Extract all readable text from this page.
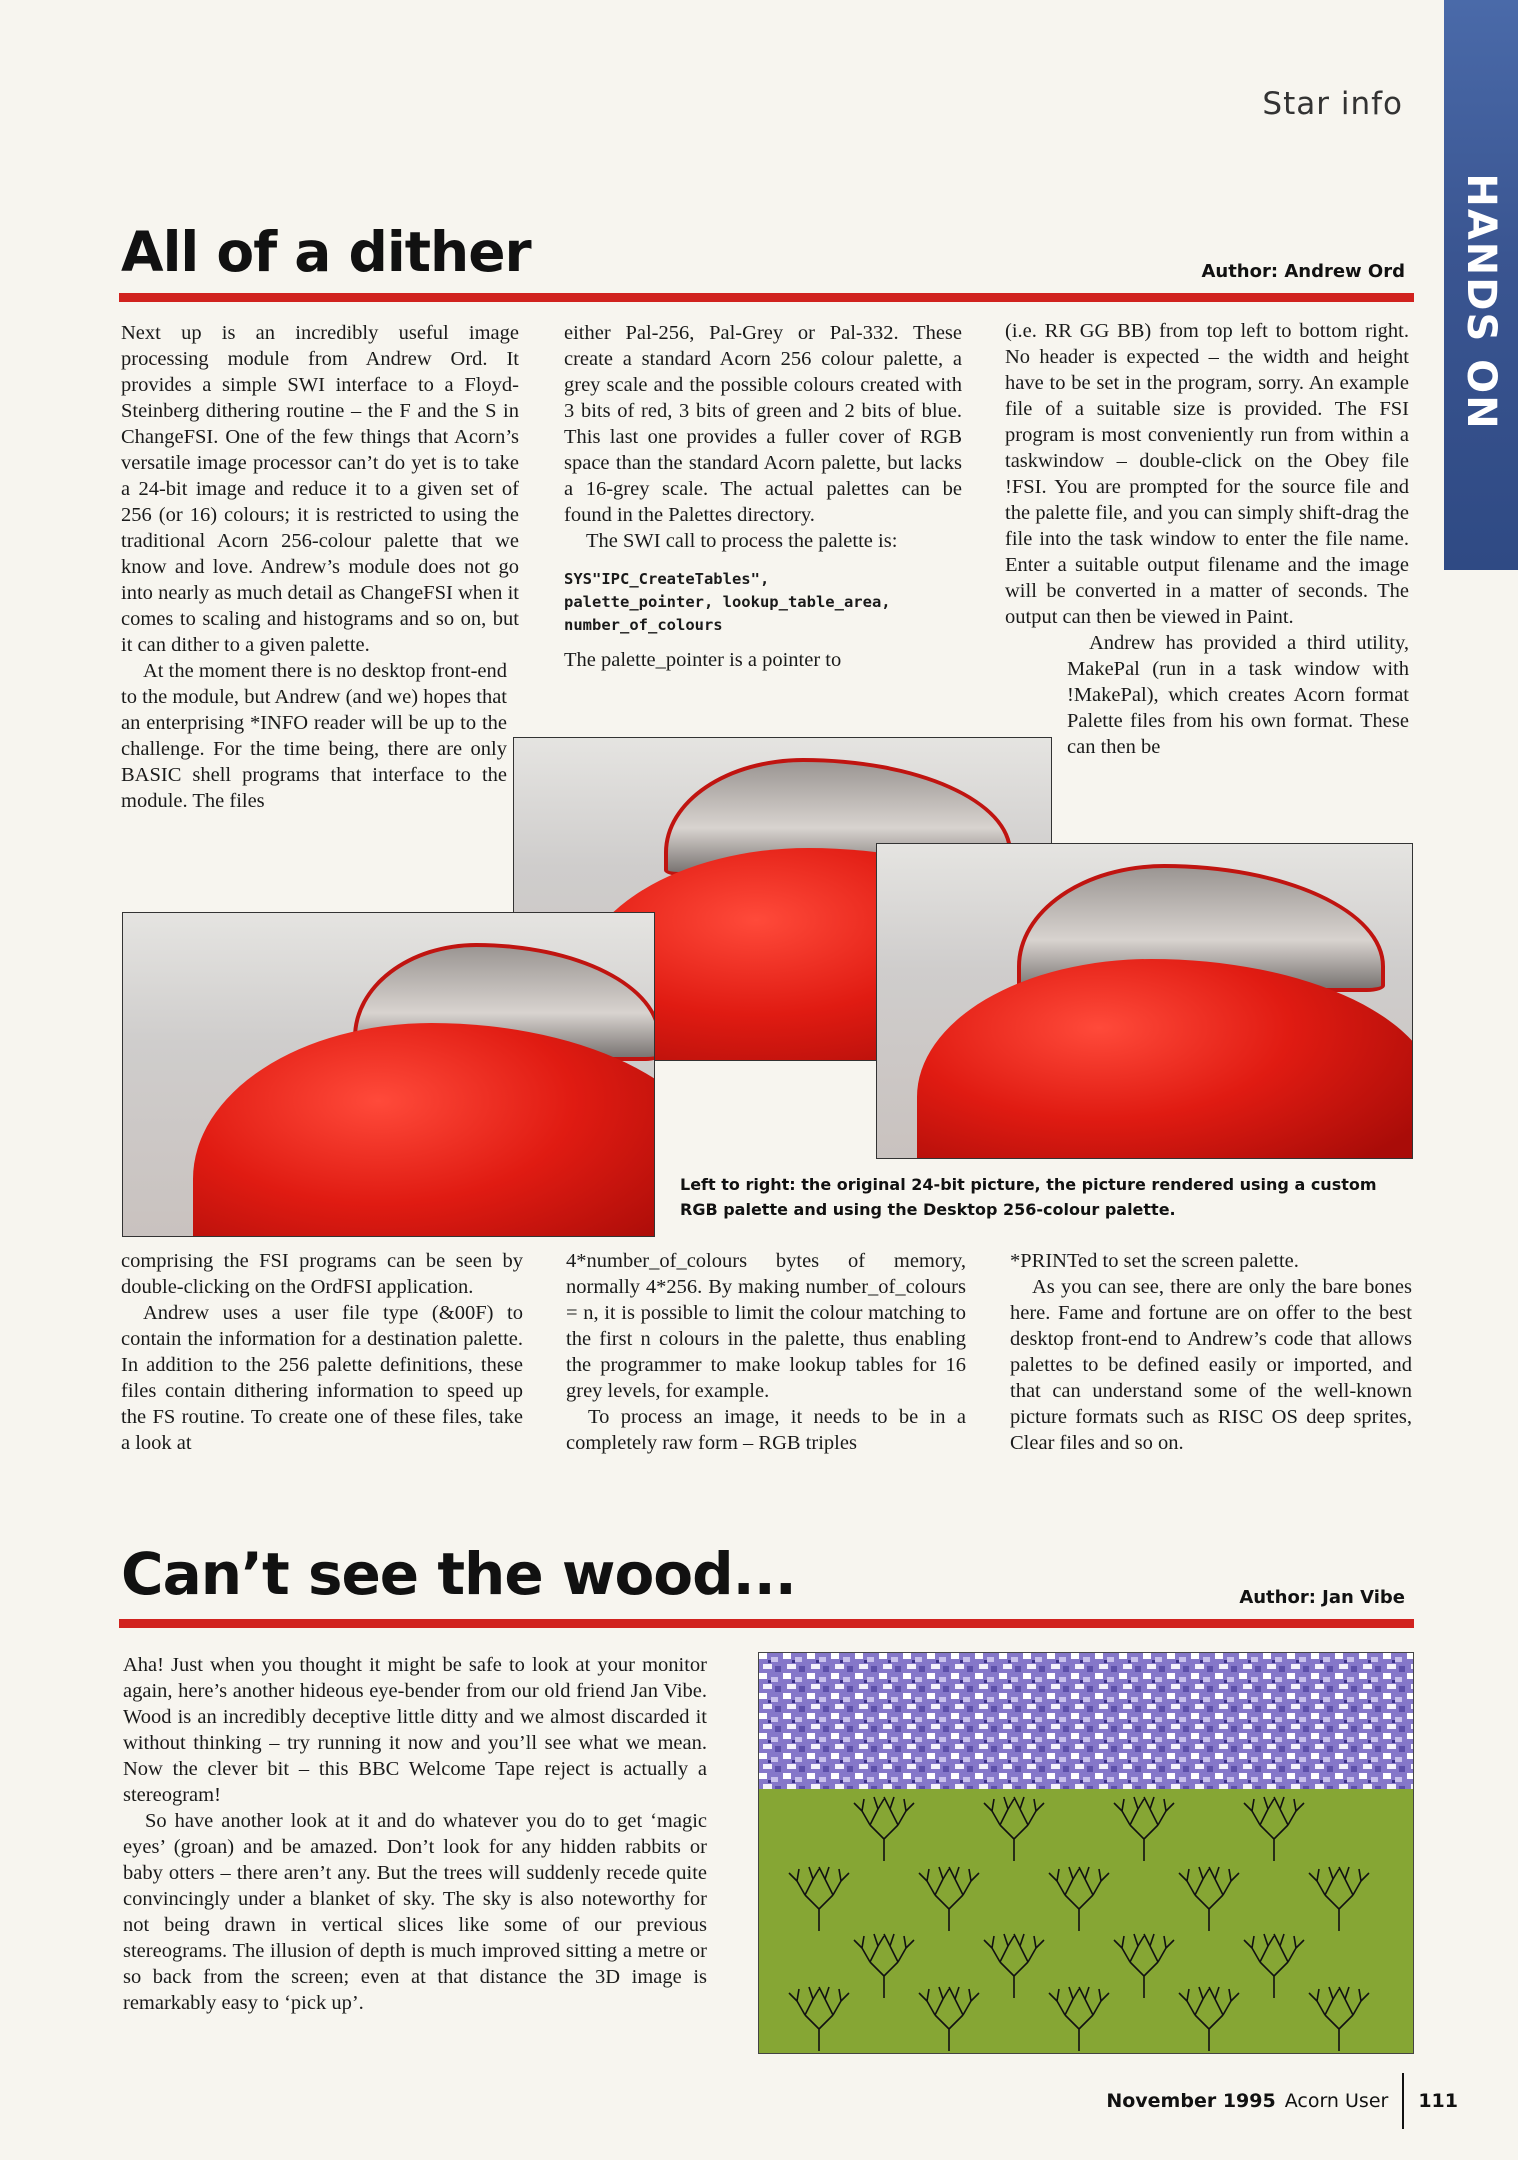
Star info
HANDS ON
All of a dither	Author: Andrew Ord

Next up is an incredibly useful image processing module from Andrew Ord. It provides a simple SWI interface to a Floyd-Steinberg dithering routine – the F and the S in ChangeFSI. One of the few things that Acorn’s versatile image processor can’t do yet is to take a 24-bit image and reduce it to a given set of 256 (or 16) colours; it is restricted to using the traditional Acorn 256-colour palette that we know and love. Andrew’s module does not go into nearly as much detail as ChangeFSI when it comes to scaling and histograms and so on, but it can dither to a given palette.

At the moment there is no desktop front-end to the module, but Andrew (and we) hopes that an enterprising *INFO reader will be up to the challenge. For the time being, there are only BASIC shell programs that interface to the module. The files

either Pal-256, Pal-Grey or Pal-332. These create a standard Acorn 256 colour palette, a grey scale and the possible colours created with 3 bits of red, 3 bits of green and 2 bits of blue. This last one provides a fuller cover of RGB space than the standard Acorn palette, but lacks a 16-grey scale. The actual palettes can be found in the Palettes directory.

The SWI call to process the palette is:

SYS"IPC_CreateTables",
palette_pointer, lookup_table_area,
number_of_colours

The palette_pointer is a pointer to

(i.e. RR GG BB) from top left to bottom right. No header is expected – the width and height have to be set in the program, sorry. An example file of a suitable size is provided. The FSI program is most conveniently run from within a taskwindow – double-click on the Obey file !FSI. You are prompted for the source file and the palette file, and you can simply shift-drag the file into the task window to enter the file name. Enter a suitable output filename and the image will be converted in a matter of seconds. The output can then be viewed in Paint.

Andrew has provided a third utility, MakePal (run in a task window with !MakePal), which creates Acorn format Palette files from his own format. These can then be

Left to right: the original 24-bit picture, the picture rendered using a custom RGB palette and using the Desktop 256-colour palette.

comprising the FSI programs can be seen by double-clicking on the OrdFSI application.

Andrew uses a user file type (&00F) to contain the information for a destination palette. In addition to the 256 palette definitions, these files contain dithering information to speed up the FS routine. To create one of these files, take a look at

4*number_of_colours bytes of memory, normally 4*256. By making number_of_colours = n, it is possible to limit the colour matching to the first n colours in the palette, thus enabling the programmer to make lookup tables for 16 grey levels, for example.

To process an image, it needs to be in a completely raw form – RGB triples

*PRINTed to set the screen palette.

As you can see, there are only the bare bones here. Fame and fortune are on offer to the best desktop front-end to Andrew’s code that allows palettes to be defined easily or imported, and that can understand some of the well-known picture formats such as RISC OS deep sprites, Clear files and so on.

Can’t see the wood...	Author: Jan Vibe

Aha! Just when you thought it might be safe to look at your monitor again, here’s another hideous eye-bender from our old friend Jan Vibe. Wood is an incredibly deceptive little ditty and we almost discarded it without thinking – try running it now and you’ll see what we mean. Now the clever bit – this BBC Welcome Tape reject is actually a stereogram!

So have another look at it and do whatever you do to get ‘magic eyes’ (groan) and be amazed. Don’t look for any hidden rabbits or baby otters – there aren’t any. But the trees will suddenly recede quite convincingly under a blanket of sky. The sky is also noteworthy for not being drawn in vertical slices like some of our previous stereograms. The illusion of depth is much improved sitting a metre or so back from the screen; even at that distance the 3D image is remarkably easy to ‘pick up’.

November 1995 Acorn User 111
